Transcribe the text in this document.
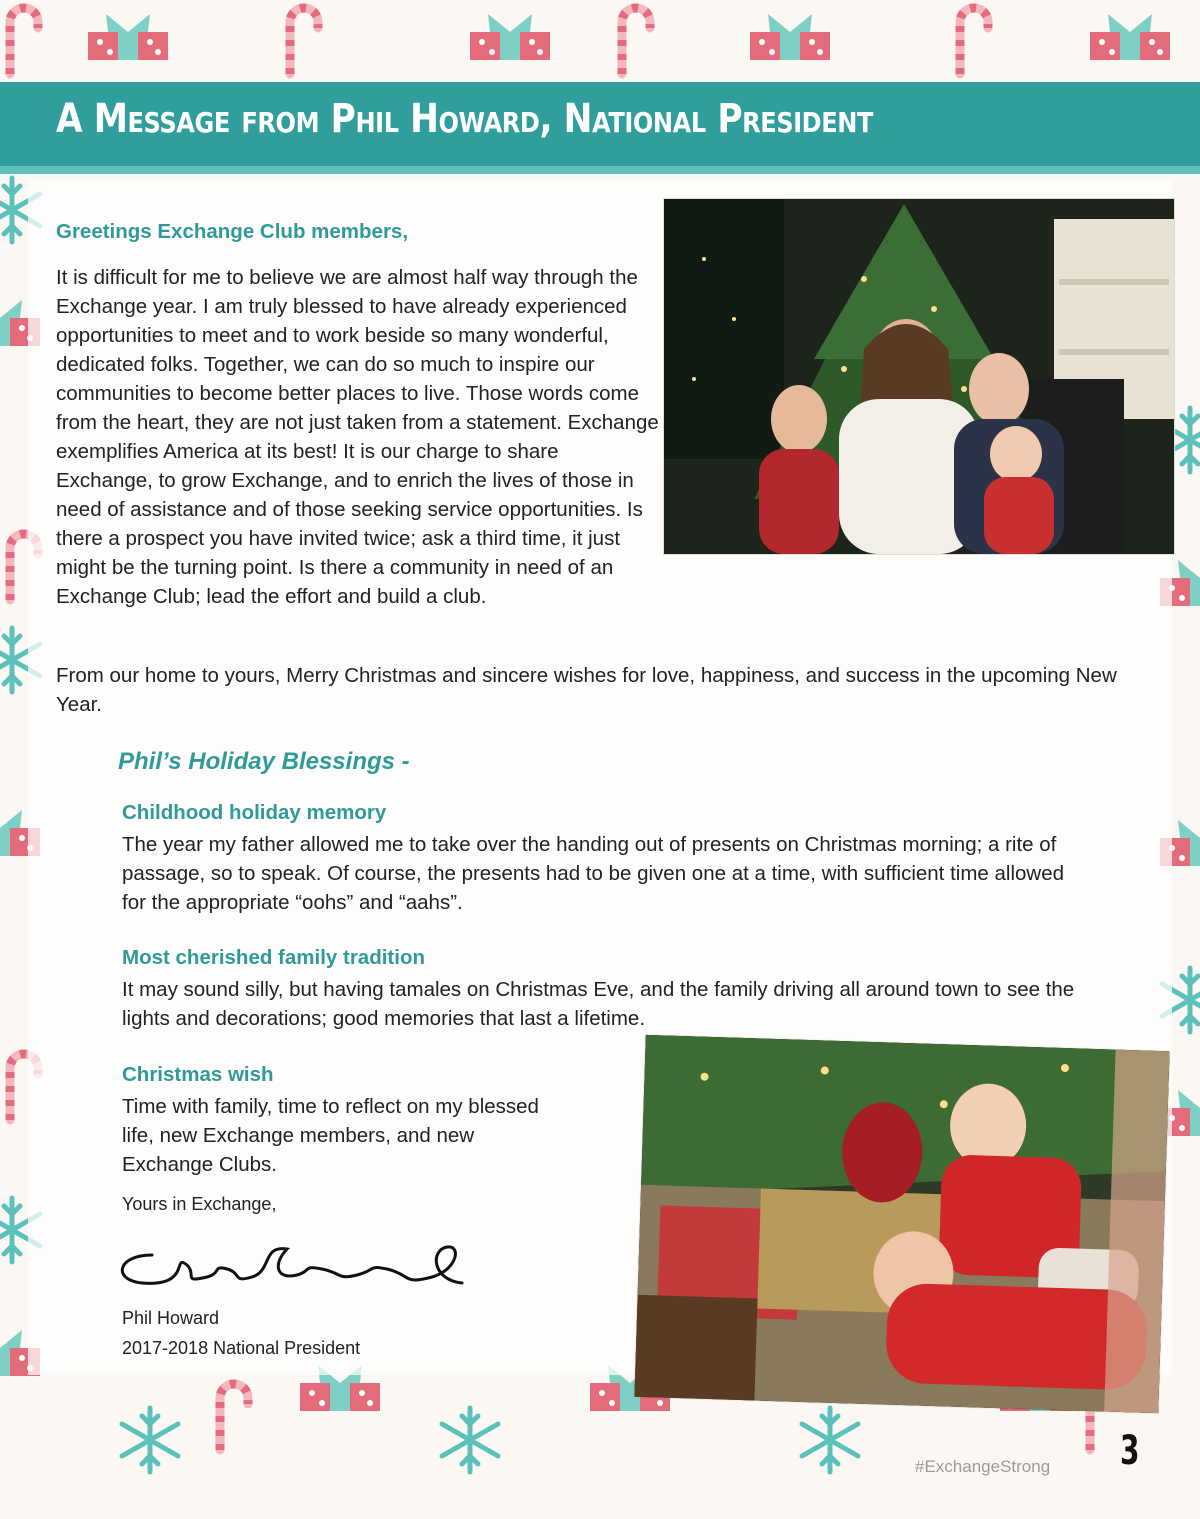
A Message from Phil Howard, National President
Greetings Exchange Club members,
It is difficult for me to believe we are almost half way through the Exchange year. I am truly blessed to have already experienced opportunities to meet and to work beside so many wonderful, dedicated folks. Together, we can do so much to inspire our communities to become better places to live. Those words come from the heart, they are not just taken from a statement. Exchange exemplifies America at its best! It is our charge to share Exchange, to grow Exchange, and to enrich the lives of those in need of assistance and of those seeking service opportunities. Is there a prospect you have invited twice; ask a third time, it just might be the turning point. Is there a community in need of an Exchange Club; lead the effort and build a club.
From our home to yours, Merry Christmas and sincere wishes for love, happiness, and success in the upcoming New Year.
Phil’s Holiday Blessings -
Childhood holiday memory
The year my father allowed me to take over the handing out of presents on Christmas morning; a rite of passage, so to speak. Of course, the presents had to be given one at a time, with sufficient time allowed for the appropriate “oohs” and “aahs”.
Most cherished family tradition
It may sound silly, but having tamales on Christmas Eve, and the family driving all around town to see the lights and decorations; good memories that last a lifetime.
Christmas wish
Time with family, time to reflect on my blessed life, new Exchange members, and new Exchange Clubs.
Yours in Exchange,
Phil Howard
2017-2018 National President
#ExchangeStrong 3
